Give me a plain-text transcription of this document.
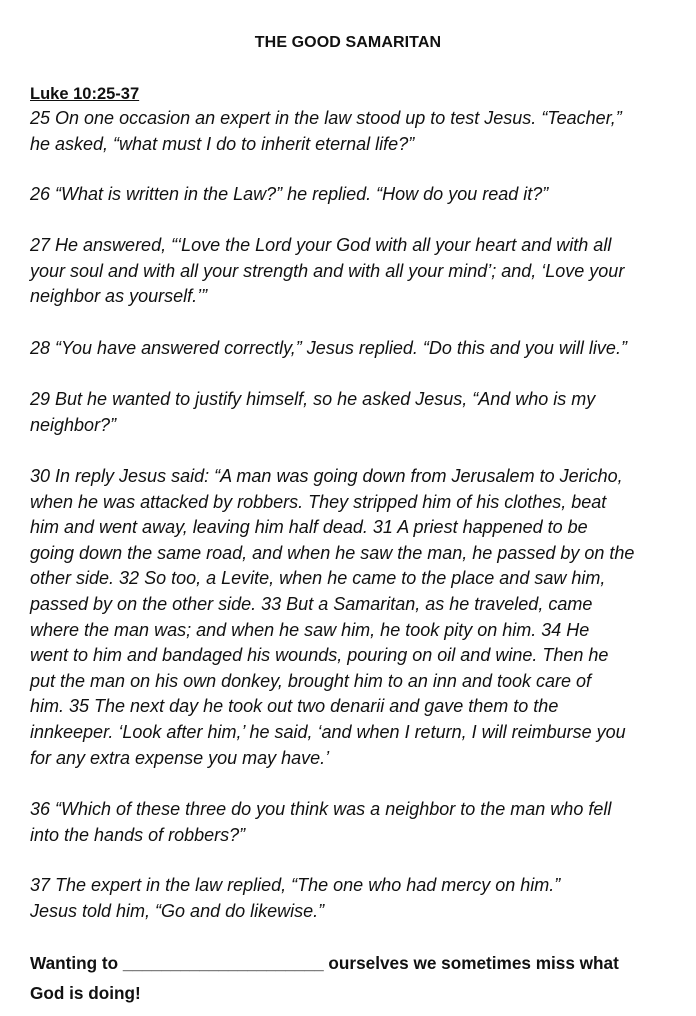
THE GOOD SAMARITAN
Luke 10:25-37
25 On one occasion an expert in the law stood up to test Jesus. “Teacher,”
he asked, “what must I do to inherit eternal life?”
26 “What is written in the Law?” he replied. “How do you read it?”
27 He answered, “‘Love the Lord your God with all your heart and with all
your soul and with all your strength and with all your mind’; and, ‘Love your
neighbor as yourself.’”
28 “You have answered correctly,” Jesus replied. “Do this and you will live.”
29 But he wanted to justify himself, so he asked Jesus, “And who is my
neighbor?”
30 In reply Jesus said: “A man was going down from Jerusalem to Jericho,
when he was attacked by robbers. They stripped him of his clothes, beat
him and went away, leaving him half dead. 31 A priest happened to be
going down the same road, and when he saw the man, he passed by on the
other side. 32 So too, a Levite, when he came to the place and saw him,
passed by on the other side. 33 But a Samaritan, as he traveled, came
where the man was; and when he saw him, he took pity on him. 34 He
went to him and bandaged his wounds, pouring on oil and wine. Then he
put the man on his own donkey, brought him to an inn and took care of
him. 35 The next day he took out two denarii and gave them to the
innkeeper. ‘Look after him,’ he said, ‘and when I return, I will reimburse you
for any extra expense you may have.’
36 “Which of these three do you think was a neighbor to the man who fell
into the hands of robbers?”
37 The expert in the law replied, “The one who had mercy on him.”
Jesus told him, “Go and do likewise.”
Wanting to _____________________ ourselves we sometimes miss what
God is doing!
